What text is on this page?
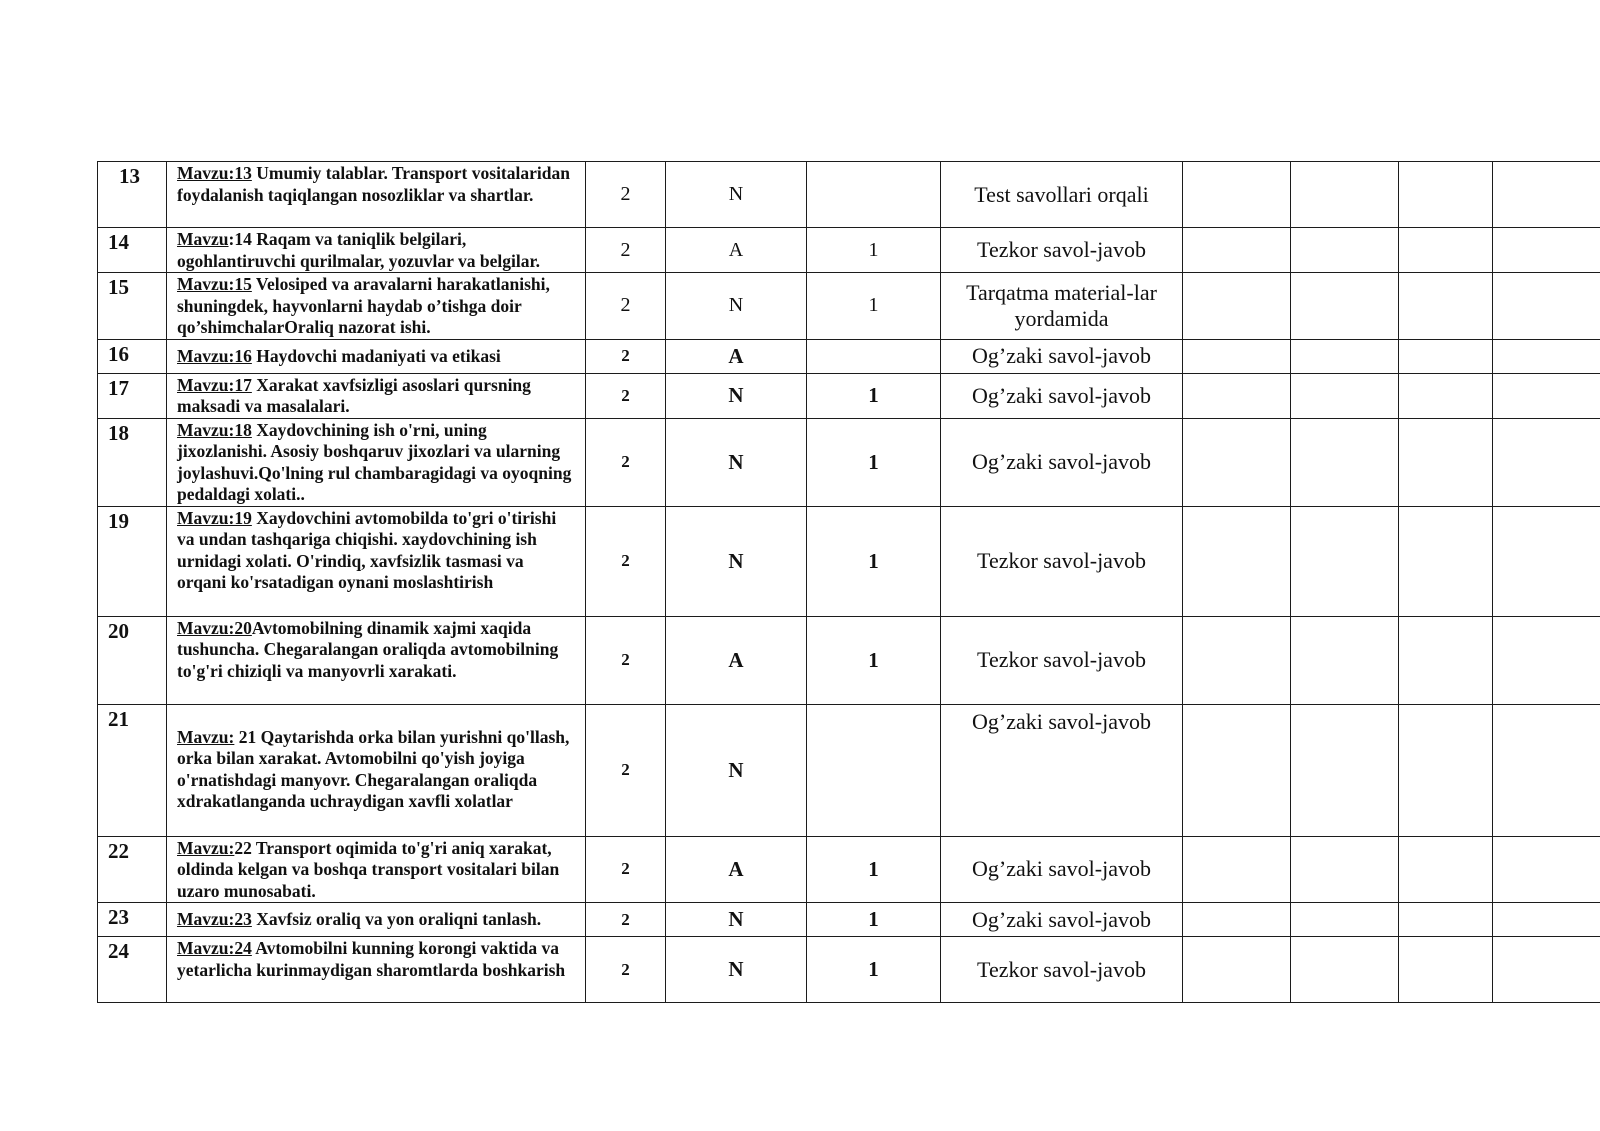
13	Mavzu:13 Umumiy talablar. Transport vositalaridan foydalanish taqiqlangan nosozliklar va shartlar.	2	N		Test savollari orqali				
14	Mavzu:14 Raqam va taniqlik belgilari, ogohlantiruvchi qurilmalar, yozuvlar va belgilar.	2	A	1	Tezkor savol-javob				
15	Mavzu:15 Velosiped va aravalarni harakatlanishi, shuningdek, hayvonlarni haydab o’tishga doir qo’shimchalarOraliq nazorat ishi.	2	N	1	Tarqatma material-lar yordamida				
16	Mavzu:16 Haydovchi madaniyati va etikasi	2	A		Og’zaki savol-javob				
17	Mavzu:17 Xarakat xavfsizligi asoslari qursning maksadi va masalalari.	2	N	1	Og’zaki savol-javob				
18	Mavzu:18 Xaydovchining ish o'rni, uning jixozlanishi. Asosiy boshqaruv jixozlari va ularning joylashuvi.Qo'lning rul chambaragidagi va oyoqning pedaldagi xolati..	2	N	1	Og’zaki savol-javob				
19	Mavzu:19 Xaydovchini avtomobilda to'gri o'tirishi va undan tashqariga chiqishi. xaydovchining ish urnidagi xolati. O'rindiq, xavfsizlik tasmasi va orqani ko'rsatadigan oynani moslashtirish	2	N	1	Tezkor savol-javob				
20	Mavzu:20Avtomobilning dinamik xajmi xaqida tushuncha. Chegaralangan oraliqda avtomobilning to'g'ri chiziqli va manyovrli xarakati.	2	A	1	Tezkor savol-javob				
21	Mavzu: 21 Qaytarishda orka bilan yurishni qo'llash, orka bilan xarakat. Avtomobilni qo'yish joyiga o'rnatishdagi manyovr. Chegaralangan oraliqda xdrakatlanganda uchraydigan xavfli xolatlar	2	N		Og’zaki savol-javob				
22	Mavzu:22 Transport oqimida to'g'ri aniq xarakat, oldinda kelgan va boshqa transport vositalari bilan uzaro munosabati.	2	A	1	Og’zaki savol-javob				
23	Mavzu:23 Xavfsiz oraliq va yon oraliqni tanlash.	2	N	1	Og’zaki savol-javob				
24	Mavzu:24 Avtomobilni kunning korongi vaktida va yetarlicha kurinmaydigan sharomtlarda boshkarish	2	N	1	Tezkor savol-javob				
